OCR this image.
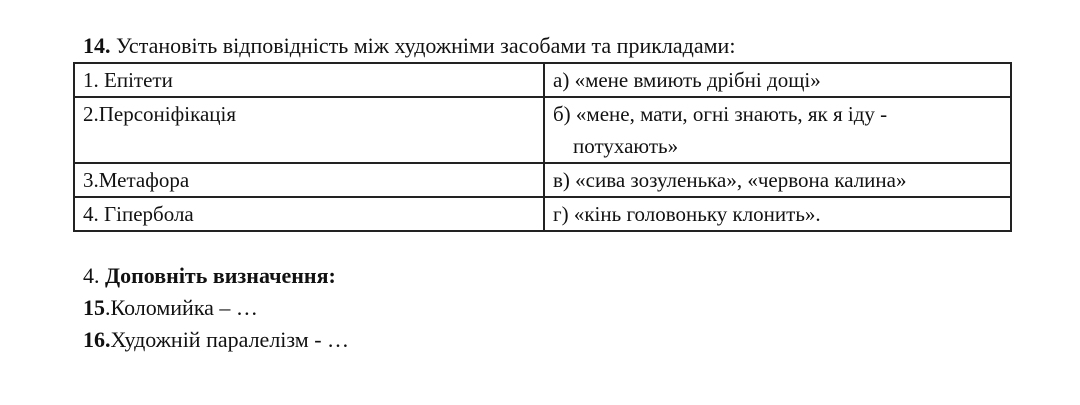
14. Установіть відповідність між художніми засобами та прикладами:
1. Епітети	а) «мене вмиють дрібні дощі»
2.Персоніфікація	б) «мене, мати, огні знають, як я іду -
потухають»

3.Метафора	в) «сива зозуленька», «червона калина»
4. Гіпербола	г) «кінь головоньку клонить».
4. Доповніть визначення:
15.Коломийка – …
16.Художній паралелізм - …
